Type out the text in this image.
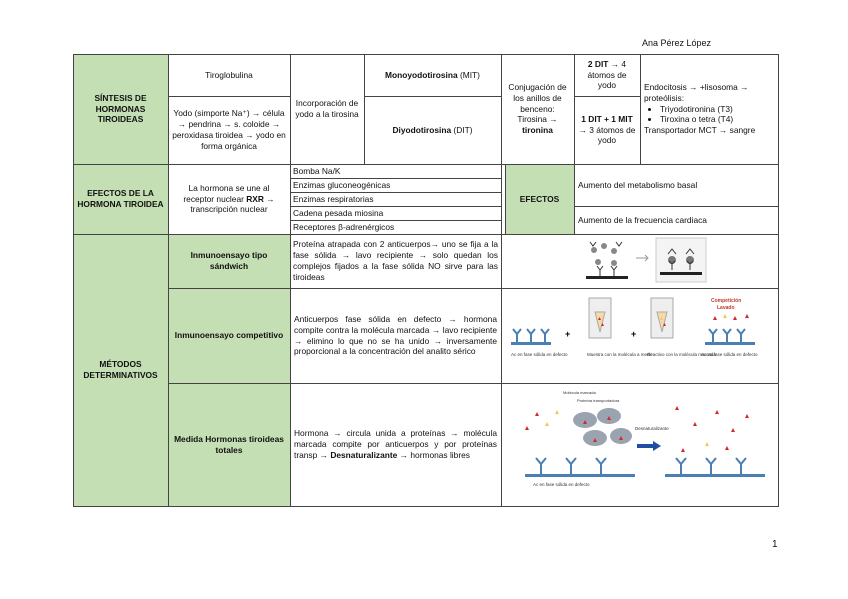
Ana Pérez López
SÍNTESIS DE HORMONAS TIROIDEAS
Tiroglobulina
Yodo (simporte Na⁺) → célula → pendrina → s. coloide → peroxidasa tiroidea → yodo en forma orgánica
Incorporación de yodo a la tirosina
Monoyodotirosina (MIT)
Diyodotirosina (DIT)
Conjugación de los anillos de benceno: Tirosina → tironina
2 DIT → 4 átomos de yodo
1 DIT + 1 MIT → 3 átomos de yodo
Endocitosis → +lisosoma → proteólisis:
• Triyodotironina (T3)
• Tiroxina o tetra (T4)
Transportador MCT → sangre
EFECTOS DE LA HORMONA TIROIDEA
La hormona se une al receptor nuclear RXR → transcripción nuclear
Bomba Na/K
Enzimas gluconeogénicas
Enzimas respiratorias
Cadena pesada miosina
Receptores β-adrenérgicos
EFECTOS
Aumento del metabolismo basal
Aumento de la frecuencia cardiaca
MÉTODOS DETERMINATIVOS
Inmunoensayo tipo sándwich
Proteína atrapada con 2 anticuerpos→ uno se fija a la fase sólida → lavo recipiente → solo quedan los complejos fijados a la fase sólida NO sirve para las tiroideas
Inmunoensayo competitivo
Anticuerpos fase sólida en defecto → hormona compite contra la molécula marcada → lavo recipiente → elimino lo que no se ha unido → inversamente proporcional a la concentración del analito sérico
Medida Hormonas tiroideas totales
Hormona → circula unida a proteínas → molécula marcada compite por anticuerpos y por proteínas transp → Desnaturalizante → hormonas libres
Ac en fase sólida en defecto
+
Muestra con la molécula a medir
+
Reactivo con la molécula marcada
Competición
Lavado
Ac en fase sólida en defecto
Molécula marcada
Proteína transportadora
Ac en fase sólida en defecto
Desnaturalizante
1
